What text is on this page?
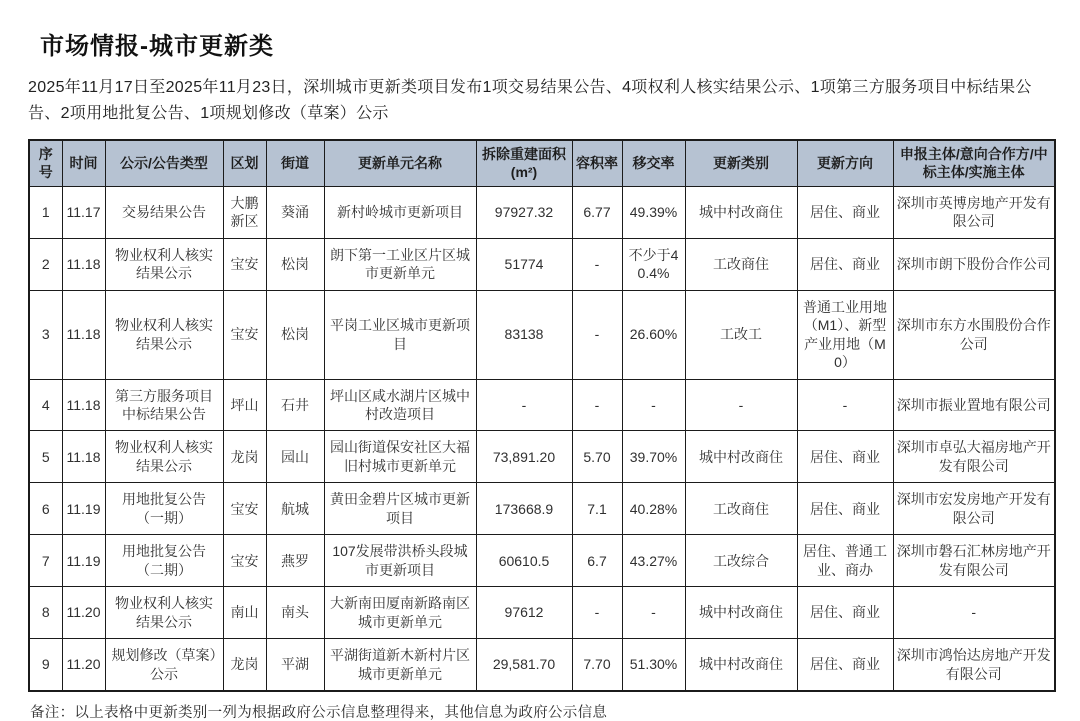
市场情报-城市更新类

2025年11月17日至2025年11月23日，深圳城市更新类项目发布1项交易结果公告、4项权利人核实结果公示、1项第三方服务项目中标结果公告、2项用地批复公告、1项规划修改（草案）公示

序号	时间	公示/公告类型	区划	街道	更新单元名称	拆除重建面积(m²)	容积率	移交率	更新类别	更新方向	申报主体/意向合作方/中标主体/实施主体
1	11.17	交易结果公告	大鹏新区	葵涌	新村岭城市更新项目	97927.32	6.77	49.39%	城中村改商住	居住、商业	深圳市英博房地产开发有限公司
2	11.18	物业权利人核实结果公示	宝安	松岗	朗下第一工业区片区城市更新单元	51774	-	不少于40.4%	工改商住	居住、商业	深圳市朗下股份合作公司
3	11.18	物业权利人核实结果公示	宝安	松岗	平岗工业区城市更新项目	83138	-	26.60%	工改工	普通工业用地（M1）、新型产业用地（M0）	深圳市东方水围股份合作公司
4	11.18	第三方服务项目中标结果公告	坪山	石井	坪山区咸水湖片区城中村改造项目	-	-	-	-	-	深圳市振业置地有限公司
5	11.18	物业权利人核实结果公示	龙岗	园山	园山街道保安社区大福旧村城市更新单元	73,891.20	5.70	39.70%	城中村改商住	居住、商业	深圳市卓弘大福房地产开发有限公司
6	11.19	用地批复公告（一期）	宝安	航城	黄田金碧片区城市更新项目	173668.9	7.1	40.28%	工改商住	居住、商业	深圳市宏发房地产开发有限公司
7	11.19	用地批复公告（二期）	宝安	燕罗	107发展带洪桥头段城市更新项目	60610.5	6.7	43.27%	工改综合	居住、普通工业、商办	深圳市磐石汇林房地产开发有限公司
8	11.20	物业权利人核实结果公示	南山	南头	大新南田厦南新路南区城市更新单元	97612	-	-	城中村改商住	居住、商业	-
9	11.20	规划修改（草案）公示	龙岗	平湖	平湖街道新木新村片区城市更新单元	29,581.70	7.70	51.30%	城中村改商住	居住、商业	深圳市鸿怡达房地产开发有限公司

备注：以上表格中更新类别一列为根据政府公示信息整理得来，其他信息为政府公示信息
